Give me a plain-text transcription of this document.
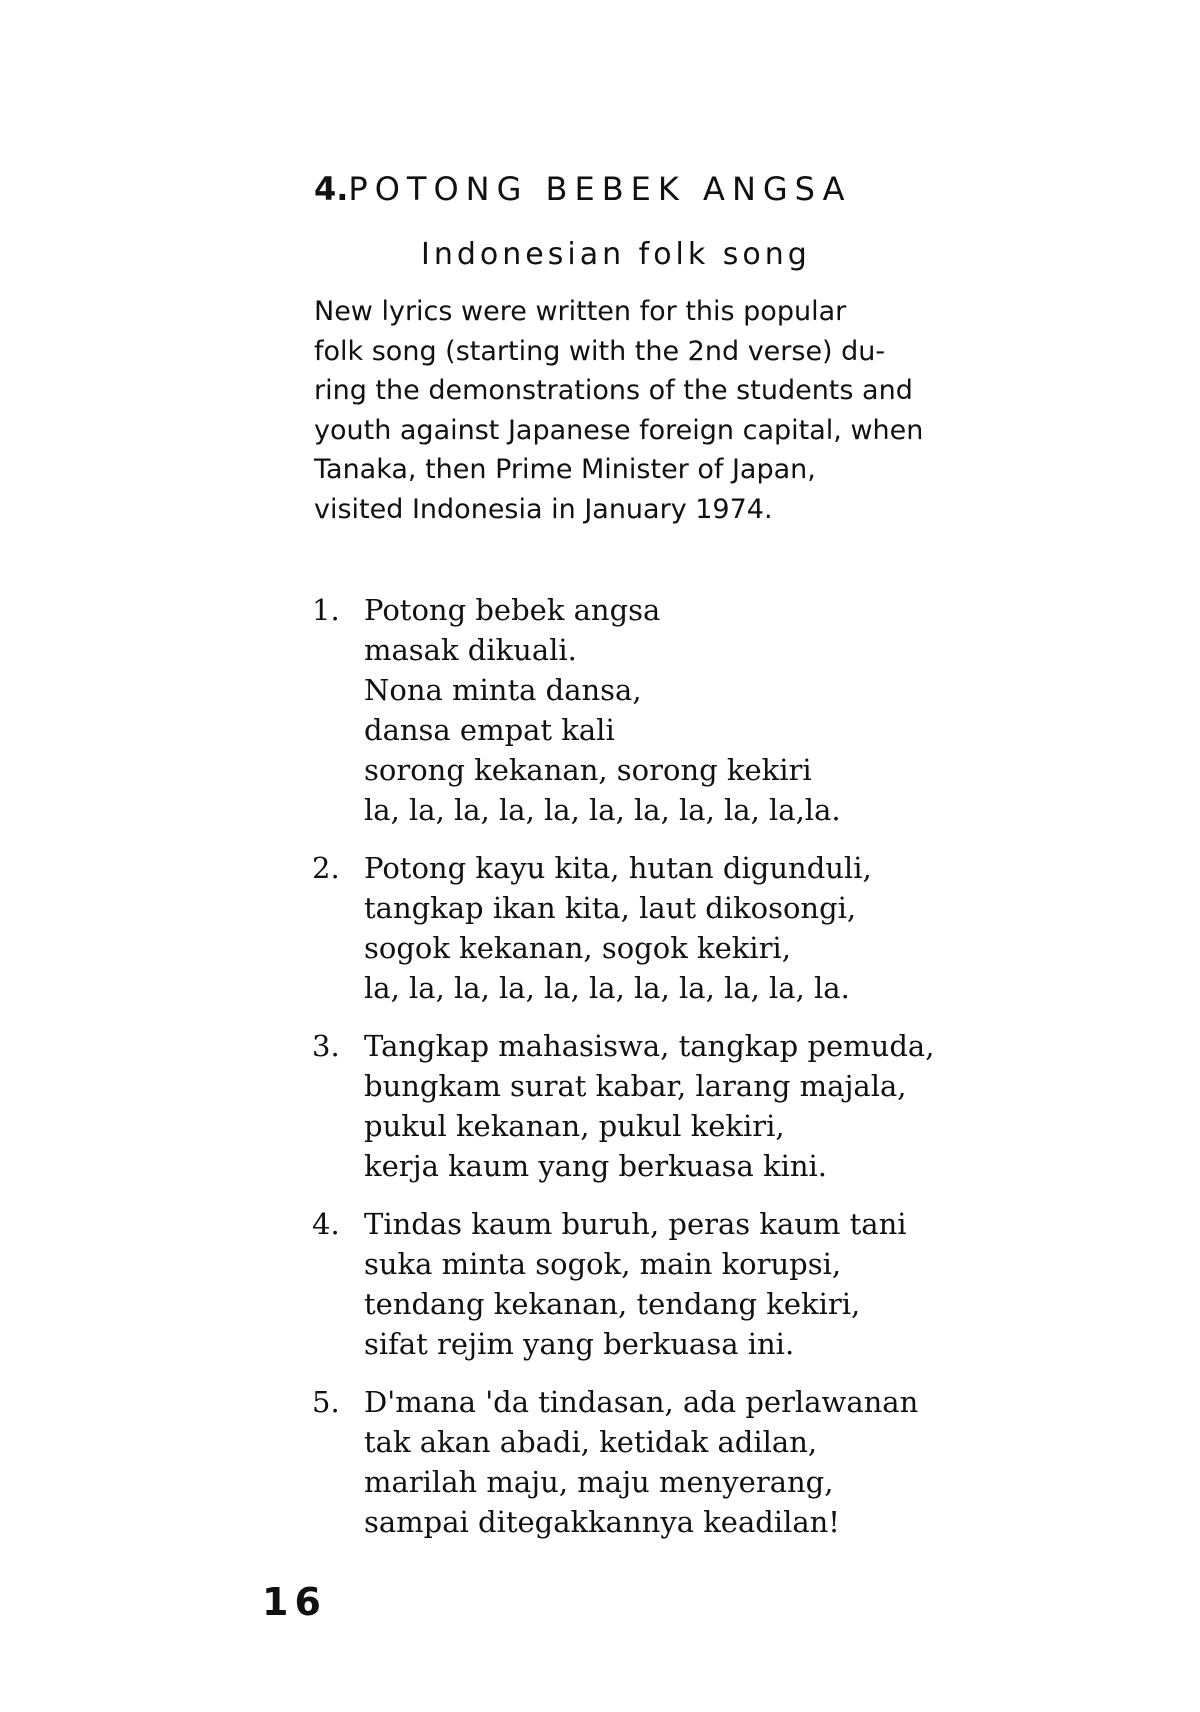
4.POTONG BEBEK ANGSA
Indonesian folk song

New lyrics were written for this popular

folk song (starting with the 2nd verse) du-

ring the demonstrations of the students and

youth against Japanese foreign capital, when

Tanaka, then Prime Minister of Japan,

visited Indonesia in January 1974.

1. Potong bebek angsa
masak dikuali.
Nona minta dansa,
dansa empat kali
sorong kekanan, sorong kekiri
la, la, la, la, la, la, la, la, la, la,la.
2. Potong kayu kita, hutan digunduli,
tangkap ikan kita, laut dikosongi,
sogok kekanan, sogok kekiri,
la, la, la, la, la, la, la, la, la, la, la.
3. Tangkap mahasiswa, tangkap pemuda,
bungkam surat kabar, larang majala,
pukul kekanan, pukul kekiri,
kerja kaum yang berkuasa kini.
4. Tindas kaum buruh, peras kaum tani
suka minta sogok, main korupsi,
tendang kekanan, tendang kekiri,
sifat rejim yang berkuasa ini.
5. D'mana 'da tindasan, ada perlawanan
tak akan abadi, ketidak adilan,
marilah maju, maju menyerang,
sampai ditegakkannya keadilan!
16
